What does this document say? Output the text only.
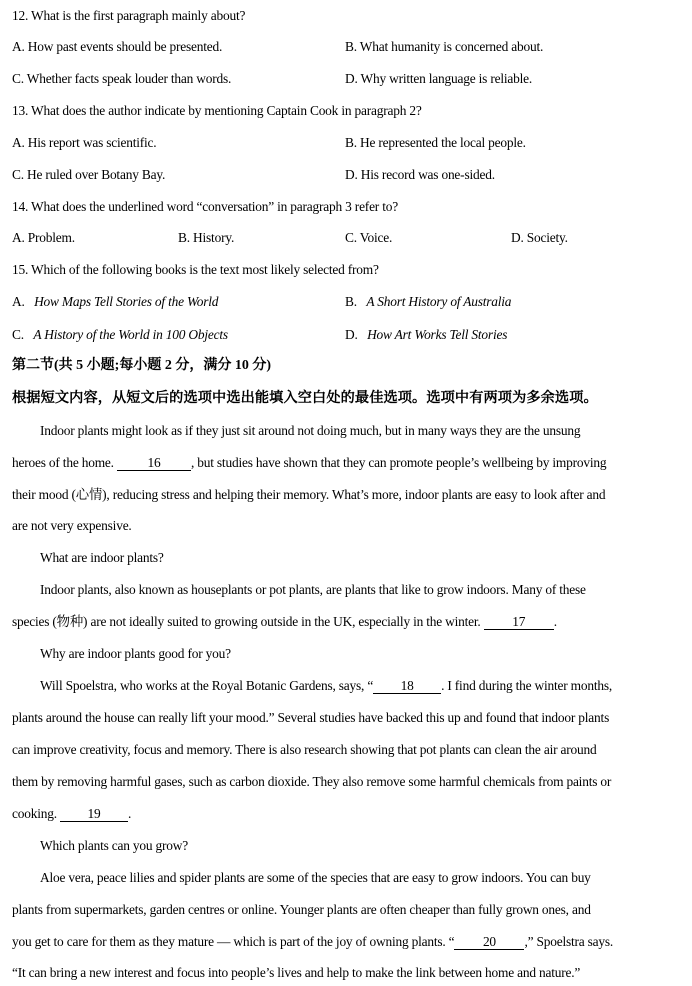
12. What is the first paragraph mainly about?
A. How past events should be presented.	B. What humanity is concerned about.
C. Whether facts speak louder than words.	D. Why written language is reliable.
13. What does the author indicate by mentioning Captain Cook in paragraph 2?
A. His report was scientific.	B. He represented the local people.
C. He ruled over Botany Bay.	D. His record was one-sided.
14. What does the underlined word “conversation” in paragraph 3 refer to?
A. Problem.	B. History.	C. Voice.	D. Society.
15. Which of the following books is the text most likely selected from?
A. How Maps Tell Stories of the World	B. A Short History of Australia
C. A History of the World in 100 Objects	D. How Art Works Tell Stories
第二节(共 5 小题;每小题 2 分，满分 10 分)
根据短文内容，从短文后的选项中选出能填入空白处的最佳选项。选项中有两项为多余选项。
Indoor plants might look as if they just sit around not doing much, but in many ways they are the unsung
heroes of the home.	16 , but studies have shown that they can promote people’s wellbeing by improving
their mood (心情), reducing stress and helping their memory. What’s more, indoor plants are easy to look after and
are not very expensive.
What are indoor plants?
Indoor plants, also known as houseplants or pot plants, are plants that like to grow indoors. Many of these
species (物种) are not ideally suited to growing outside in the UK, especially in the winter. 17 .
Why are indoor plants good for you?
Will Spoelstra, who works at the Royal Botanic Gardens, says, “ 18 . I find during the winter months,
plants around the house can really lift your mood.” Several studies have backed this up and found that indoor plants
can improve creativity, focus and memory. There is also research showing that pot plants can clean the air around
them by removing harmful gases, such as carbon dioxide. They also remove some harmful chemicals from paints or
cooking. 19 .
Which plants can you grow?
Aloe vera, peace lilies and spider plants are some of the species that are easy to grow indoors. You can buy
plants from supermarkets, garden centres or online. Younger plants are often cheaper than fully grown ones, and
you get to care for them as they mature — which is part of the joy of owning plants. “ 20 ,” Spoelstra says.
“It can bring a new interest and focus into people’s lives and help to make the link between home and nature.”
